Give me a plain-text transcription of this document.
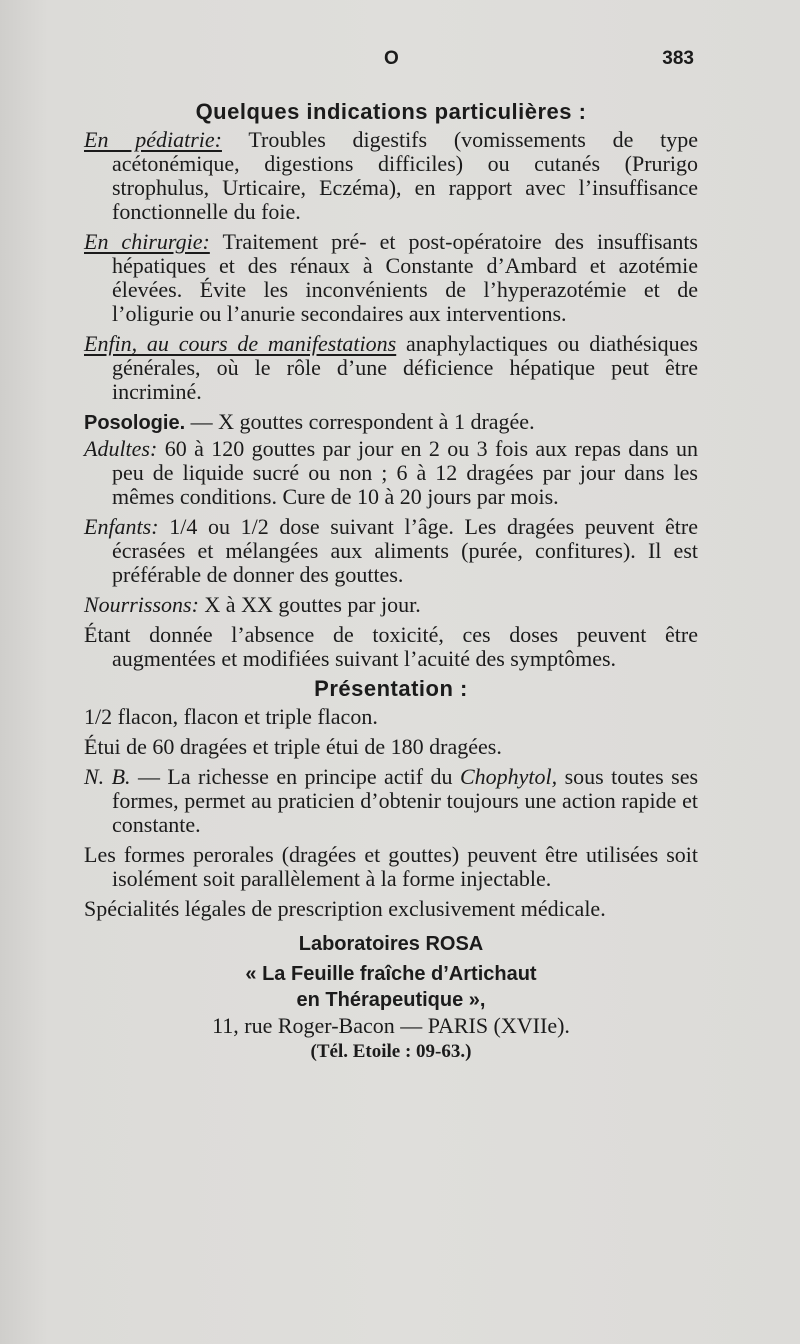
O	383
Quelques indications particulières :
En pédiatrie: Troubles digestifs (vomissements de type acétonémique, digestions difficiles) ou cutanés (Prurigo strophulus, Urticaire, Eczéma), en rapport avec l’insuffisance fonctionnelle du foie.
En chirurgie: Traitement pré- et post-opératoire des insuffisants hépatiques et des rénaux à Constante d’Ambard et azotémie élevées. Évite les inconvénients de l’hyperazotémie et de l’oligurie ou l’anurie secondaires aux interventions.
Enfin, au cours de manifestations anaphylactiques ou diathésiques générales, où le rôle d’une déficience hépatique peut être incriminé.
Posologie. — X gouttes correspondent à 1 dragée.
Adultes: 60 à 120 gouttes par jour en 2 ou 3 fois aux repas dans un peu de liquide sucré ou non ; 6 à 12 dragées par jour dans les mêmes conditions. Cure de 10 à 20 jours par mois.
Enfants: 1/4 ou 1/2 dose suivant l’âge. Les dragées peuvent être écrasées et mélangées aux aliments (purée, confitures). Il est préférable de donner des gouttes.
Nourrissons: X à XX gouttes par jour.
Étant donnée l’absence de toxicité, ces doses peuvent être augmentées et modifiées suivant l’acuité des symptômes.
Présentation :
1/2 flacon, flacon et triple flacon.
Étui de 60 dragées et triple étui de 180 dragées.
N. B. — La richesse en principe actif du Chophytol, sous toutes ses formes, permet au praticien d’obtenir toujours une action rapide et constante.
Les formes perorales (dragées et gouttes) peuvent être utilisées soit isolément soit parallèlement à la forme injectable.
Spécialités légales de prescription exclusivement médicale.
Laboratoires ROSA
« La Feuille fraîche d’Artichaut
en Thérapeutique »,
11, rue Roger-Bacon — PARIS (XVIIe).
(Tél. Etoile : 09-63.)
